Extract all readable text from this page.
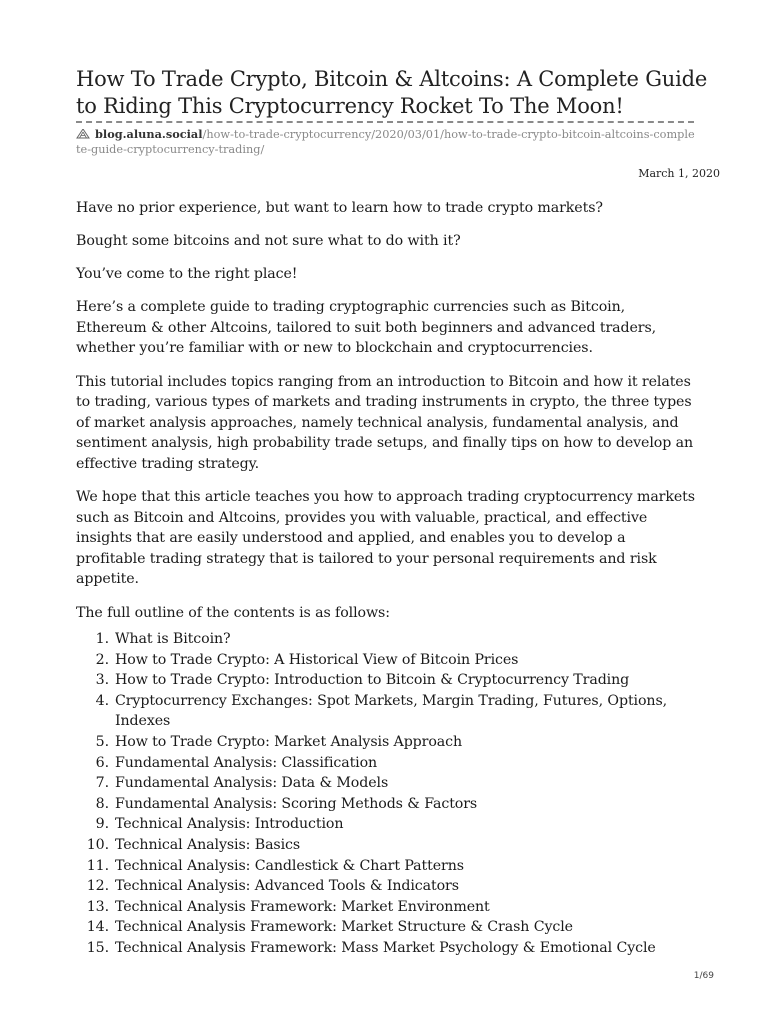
How To Trade Crypto, Bitcoin & Altcoins: A Complete Guide to Riding This Cryptocurrency Rocket To The Moon!
blog.aluna.social/how-to-trade-cryptocurrency/2020/03/01/how-to-trade-crypto-bitcoin-altcoins-complete-guide-cryptocurrency-trading/
March 1, 2020

Have no prior experience, but want to learn how to trade crypto markets?

Bought some bitcoins and not sure what to do with it?

You’ve come to the right place!

Here’s a complete guide to trading cryptographic currencies such as Bitcoin, Ethereum & other Altcoins, tailored to suit both beginners and advanced traders, whether you’re familiar with or new to blockchain and cryptocurrencies.

This tutorial includes topics ranging from an introduction to Bitcoin and how it relates to trading, various types of markets and trading instruments in crypto, the three types of market analysis approaches, namely technical analysis, fundamental analysis, and sentiment analysis, high probability trade setups, and finally tips on how to develop an effective trading strategy.

We hope that this article teaches you how to approach trading cryptocurrency markets such as Bitcoin and Altcoins, provides you with valuable, practical, and effective insights that are easily understood and applied, and enables you to develop a profitable trading strategy that is tailored to your personal requirements and risk appetite.

The full outline of the contents is as follows:

1. What is Bitcoin?
2. How to Trade Crypto: A Historical View of Bitcoin Prices
3. How to Trade Crypto: Introduction to Bitcoin & Cryptocurrency Trading
4. Cryptocurrency Exchanges: Spot Markets, Margin Trading, Futures, Options, Indexes
5. How to Trade Crypto: Market Analysis Approach
6. Fundamental Analysis: Classification
7. Fundamental Analysis: Data & Models
8. Fundamental Analysis: Scoring Methods & Factors
9. Technical Analysis: Introduction
10. Technical Analysis: Basics
11. Technical Analysis: Candlestick & Chart Patterns
12. Technical Analysis: Advanced Tools & Indicators
13. Technical Analysis Framework: Market Environment
14. Technical Analysis Framework: Market Structure & Crash Cycle
15. Technical Analysis Framework: Mass Market Psychology & Emotional Cycle
1/69
